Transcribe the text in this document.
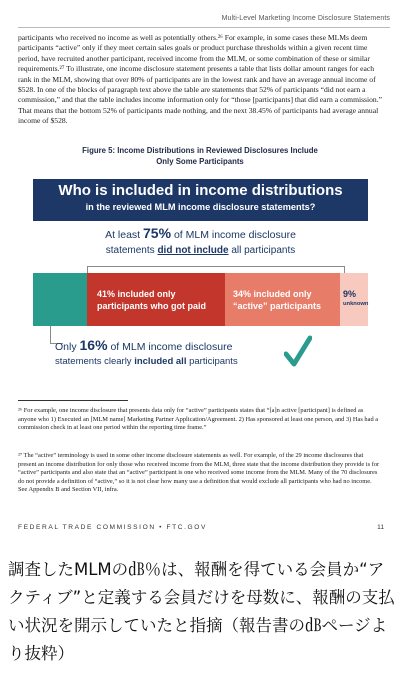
Multi-Level Marketing Income Disclosure Statements

participants who received no income as well as potentially others.²⁶ For example, in some cases these MLMs deem participants “active” only if they meet certain sales goals or product purchase thresholds within a given recent time period, have recruited another participant, received income from the MLM, or some combination of these or similar requirements.²⁷ To illustrate, one income disclosure statement presents a table that lists dollar amount ranges for each rank in the MLM, showing that over 80% of participants are in the lowest rank and have an average annual income of $528. In one of the blocks of paragraph text above the table are statements that 52% of participants “did not earn a commission,” and that the table includes income information only for “those [participants] that did earn a commission.” That means that the bottom 52% of participants made nothing, and the next 38.45% of participants had average annual income of $528.

Figure 5: Income Distributions in Reviewed Disclosures Include
Only Some Participants
Who is included in income distributions
in the reviewed MLM income disclosure statements?
At least 75% of MLM income disclosure
statements did not include all participants
41% included only
participants who got paid
34% included only
“active” participants
9%
unknown
Only 16% of MLM income disclosure
statements clearly included all participants

²⁶ For example, one income disclosure that presents data only for “active” participants states that “[a]n active [participant] is defined as anyone who 1) Executed an [MLM name] Marketing Partner Application/Agreement. 2) Has sponsored at least one person, and 3) Has had a commission check in at least one period within the reporting time frame.”

²⁷ The “active” terminology is used in some other income disclosure statements as well. For example, of the 29 income disclosures that present an income distribution for only those who received income from the MLM, three state that the income distribution they provide is for “active” participants and also state that an “active” participant is one who received some income from the MLM. Many of the 70 disclosures do not provide a definition of “active,” so it is not clear how many use a definition that would exclude all participants who had no income. See Appendix B and Section VII, infra.

FEDERAL TRADE COMMISSION • FTC.GOV	11

調査したMLMの㏈％は、報酬を得ている会員か“アクティブ”と定義する会員だけを母数に、報酬の支払い状況を開示していたと指摘（報告書の㏈ページより抜粋）
